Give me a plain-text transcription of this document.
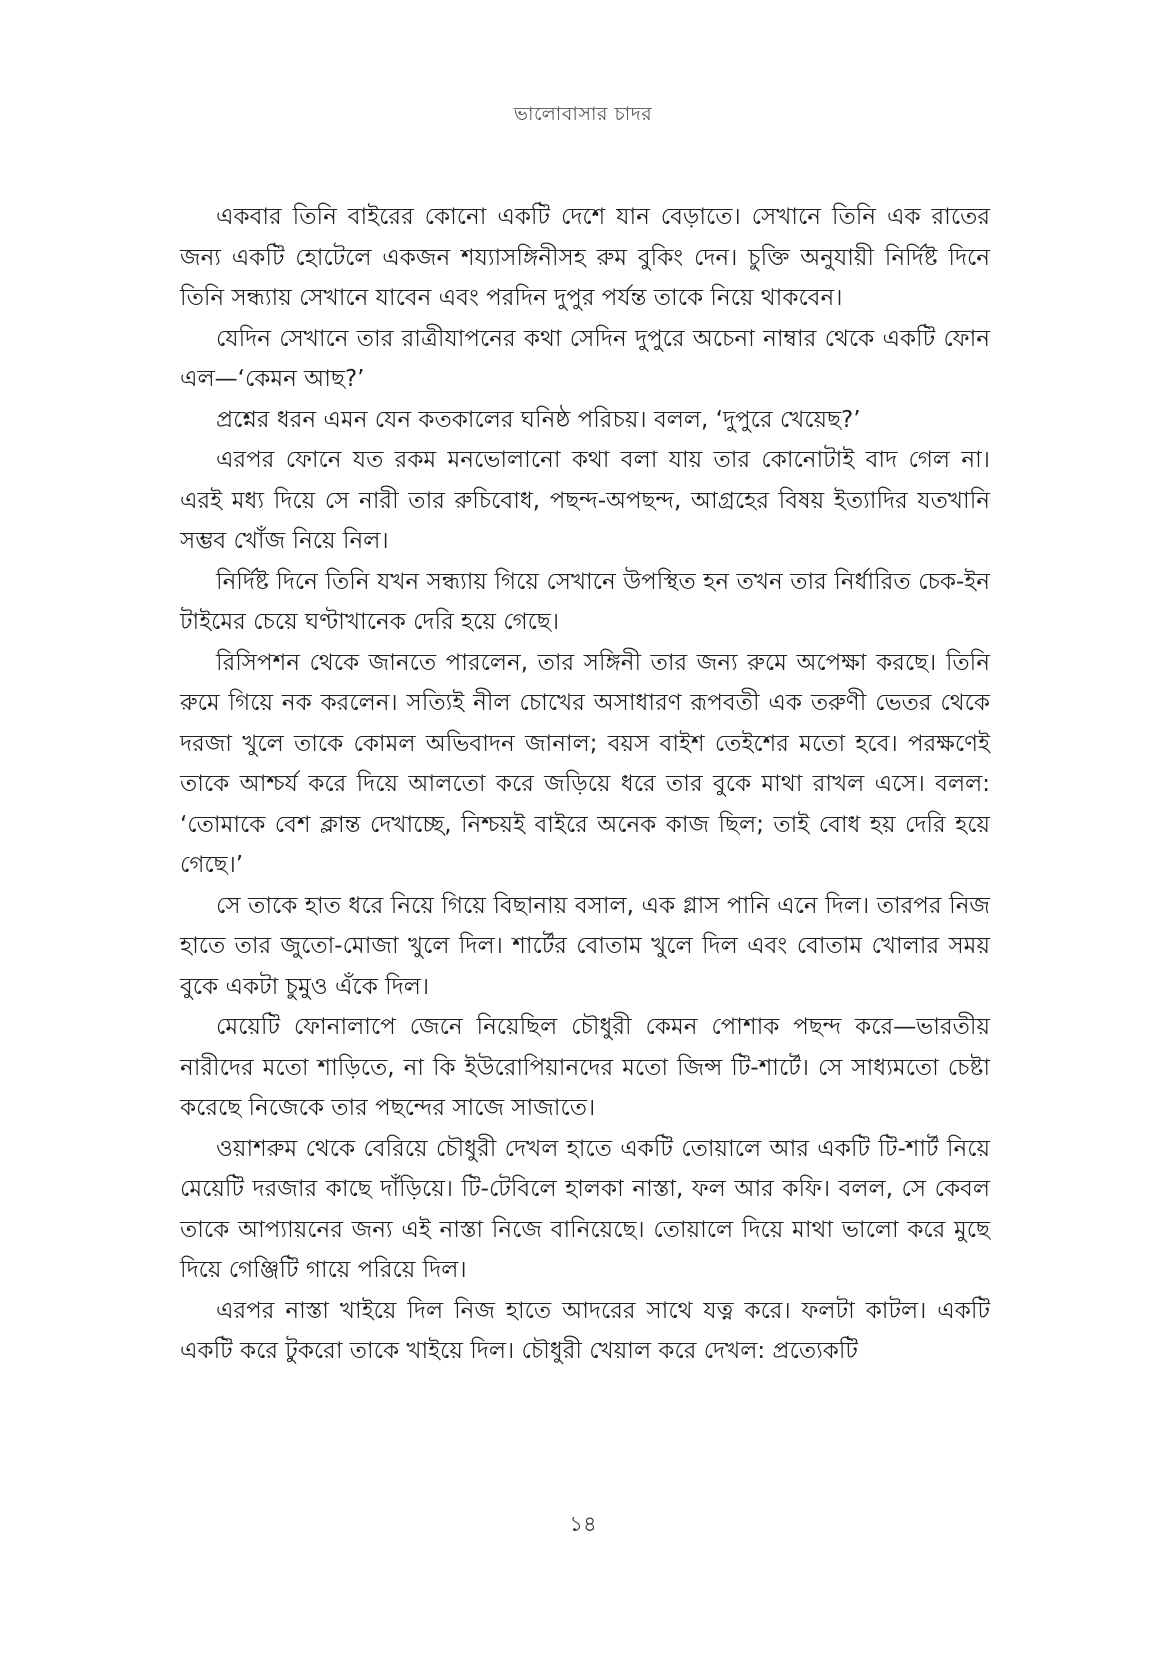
ভালোবাসার চাদর

একবার তিনি বাইরের কোনো একটি দেশে যান বেড়াতে। সেখানে তিনি এক রাতের জন্য একটি হোটেলে একজন শয্যাসঙ্গিনীসহ রুম বুকিং দেন। চুক্তি অনুযায়ী নির্দিষ্ট দিনে তিনি সন্ধ্যায় সেখানে যাবেন এবং পরদিন দুপুর পর্যন্ত তাকে নিয়ে থাকবেন।

যেদিন সেখানে তার রাত্রীযাপনের কথা সেদিন দুপুরে অচেনা নাম্বার থেকে একটি ফোন এল—‘কেমন আছ?’

প্রশ্নের ধরন এমন যেন কতকালের ঘনিষ্ঠ পরিচয়। বলল, ‘দুপুরে খেয়েছ?’

এরপর ফোনে যত রকম মনভোলানো কথা বলা যায় তার কোনোটাই বাদ গেল না। এরই মধ্য দিয়ে সে নারী তার রুচিবোধ, পছন্দ-অপছন্দ, আগ্রহের বিষয় ইত্যাদির যতখানি সম্ভব খোঁজ নিয়ে নিল।

নির্দিষ্ট দিনে তিনি যখন সন্ধ্যায় গিয়ে সেখানে উপস্থিত হন তখন তার নির্ধারিত চেক-ইন টাইমের চেয়ে ঘণ্টাখানেক দেরি হয়ে গেছে।

রিসিপশন থেকে জানতে পারলেন, তার সঙ্গিনী তার জন্য রুমে অপেক্ষা করছে। তিনি রুমে গিয়ে নক করলেন। সত্যিই নীল চোখের অসাধারণ রূপবতী এক তরুণী ভেতর থেকে দরজা খুলে তাকে কোমল অভিবাদন জানাল; বয়স বাইশ তেইশের মতো হবে। পরক্ষণেই তাকে আশ্চর্য করে দিয়ে আলতো করে জড়িয়ে ধরে তার বুকে মাথা রাখল এসে। বলল: ‘তোমাকে বেশ ক্লান্ত দেখাচ্ছে, নিশ্চয়ই বাইরে অনেক কাজ ছিল; তাই বোধ হয় দেরি হয়ে গেছে।’

সে তাকে হাত ধরে নিয়ে গিয়ে বিছানায় বসাল, এক গ্লাস পানি এনে দিল। তারপর নিজ হাতে তার জুতো-মোজা খুলে দিল। শার্টের বোতাম খুলে দিল এবং বোতাম খোলার সময় বুকে একটা চুমুও এঁকে দিল।

মেয়েটি ফোনালাপে জেনে নিয়েছিল চৌধুরী কেমন পোশাক পছন্দ করে—ভারতীয় নারীদের মতো শাড়িতে, না কি ইউরোপিয়ানদের মতো জিন্স টি-শার্টে। সে সাধ্যমতো চেষ্টা করেছে নিজেকে তার পছন্দের সাজে সাজাতে।

ওয়াশরুম থেকে বেরিয়ে চৌধুরী দেখল হাতে একটি তোয়ালে আর একটি টি-শার্ট নিয়ে মেয়েটি দরজার কাছে দাঁড়িয়ে। টি-টেবিলে হালকা নাস্তা, ফল আর কফি। বলল, সে কেবল তাকে আপ্যায়নের জন্য এই নাস্তা নিজে বানিয়েছে। তোয়ালে দিয়ে মাথা ভালো করে মুছে দিয়ে গেঞ্জিটি গায়ে পরিয়ে দিল।

এরপর নাস্তা খাইয়ে দিল নিজ হাতে আদরের সাথে যত্ন করে। ফলটা কাটল। একটি একটি করে টুকরো তাকে খাইয়ে দিল। চৌধুরী খেয়াল করে দেখল: প্রত্যেকটি

১৪
